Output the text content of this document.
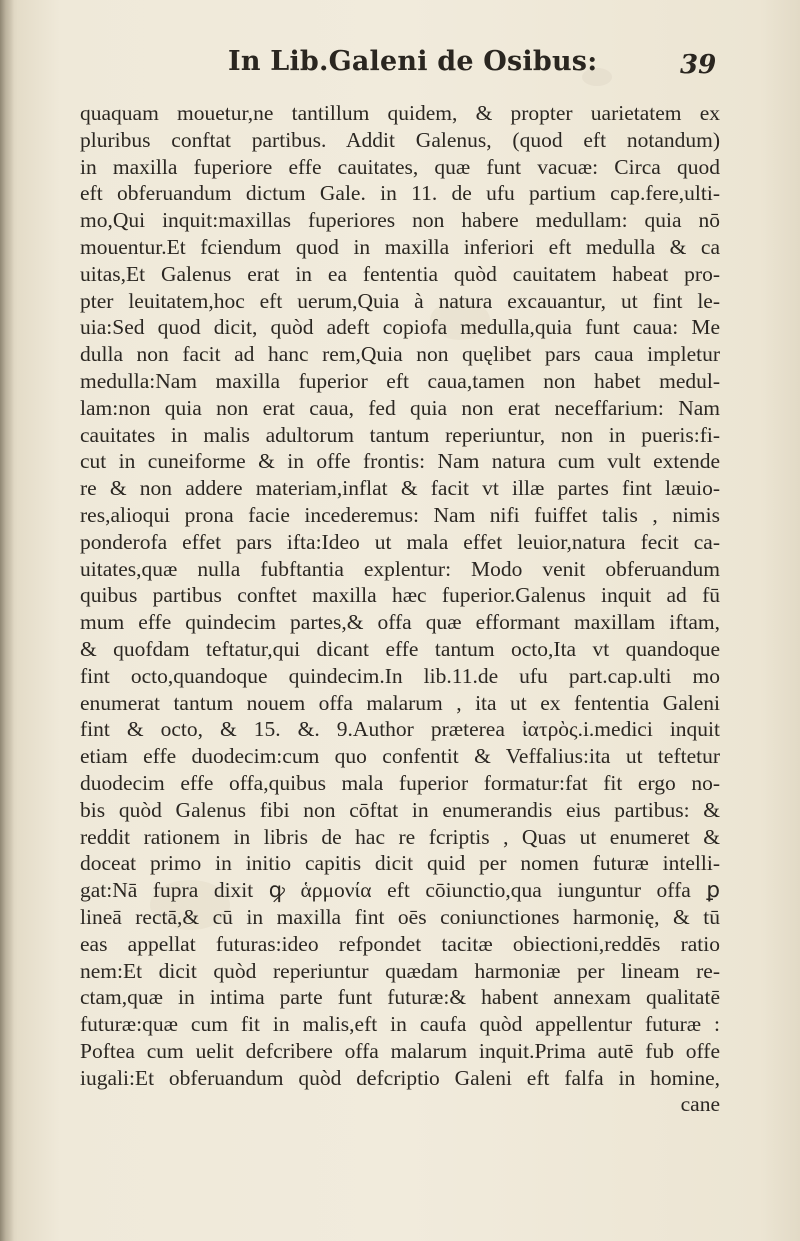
In Lib.Galeni de Osibus:	39
quaquam mouetur,ne tantillum quidem, & propter uarietatem ex
pluribus conftat partibus. Addit Galenus, (quod eft notandum)
in maxilla fuperiore effe cauitates, quæ funt vacuæ: Circa quod
eft obferuandum dictum Gale. in 11. de ufu partium cap.fere,ulti-
mo,Qui inquit:maxillas fuperiores non habere medullam: quia nō
mouentur.Et fciendum quod in maxilla inferiori eft medulla & ca
uitas,Et Galenus erat in ea fententia quòd cauitatem habeat pro-
pter leuitatem,hoc eft uerum,Quia à natura excauantur, ut fint le-
uia:Sed quod dicit, quòd adeft copiofa medulla,quia funt caua: Me
dulla non facit ad hanc rem,Quia non quęlibet pars caua impletur
medulla:Nam maxilla fuperior eft caua,tamen non habet medul-
lam:non quia non erat caua, fed quia non erat neceffarium: Nam
cauitates in malis adultorum tantum reperiuntur, non in pueris:fi-
cut in cuneiforme & in offe frontis: Nam natura cum vult extende
re & non addere materiam,inflat & facit vt illæ partes fint læuio-
res,alioqui prona facie incederemus: Nam nifi fuiffet talis , nimis
ponderofa effet pars ifta:Ideo ut mala effet leuior,natura fecit ca-
uitates,quæ nulla fubftantia explentur: Modo venit obferuandum
quibus partibus conftet maxilla hæc fuperior.Galenus inquit ad fū
mum effe quindecim partes,& offa quæ efformant maxillam iftam,
& quofdam teftatur,qui dicant effe tantum octo,Ita vt quandoque
fint octo,quandoque quindecim.In lib.11.de ufu part.cap.ulti mo
enumerat tantum nouem offa malarum , ita ut ex fententia Galeni
fint & octo, & 15. &. 9.Author præterea ἰατρὸς.i.medici inquit
etiam effe duodecim:cum quo confentit & Veffalius:ita ut teftetur
duodecim effe offa,quibus mala fuperior formatur:fat fit ergo no-
bis quòd Galenus fibi non cōftat in enumerandis eius partibus: &
reddit rationem in libris de hac re fcriptis , Quas ut enumeret &
doceat primo in initio capitis dicit quid per nomen futuræ intelli-
gat:Nā fupra dixit ꝙ ἁρμονία eft cōiunctio,qua iunguntur offa ꝑ
lineā rectā,& cū in maxilla fint oēs coniunctiones harmonię, & tū
eas appellat futuras:ideo refpondet tacitæ obiectioni,reddēs ratio
nem:Et dicit quòd reperiuntur quædam harmoniæ per lineam re-
ctam,quæ in intima parte funt futuræ:& habent annexam qualitatē
futuræ:quæ cum fit in malis,eft in caufa quòd appellentur futuræ :
Poftea cum uelit defcribere offa malarum inquit.Prima autē fub offe
iugali:Et obferuandum quòd defcriptio Galeni eft falfa in homine,
cane
